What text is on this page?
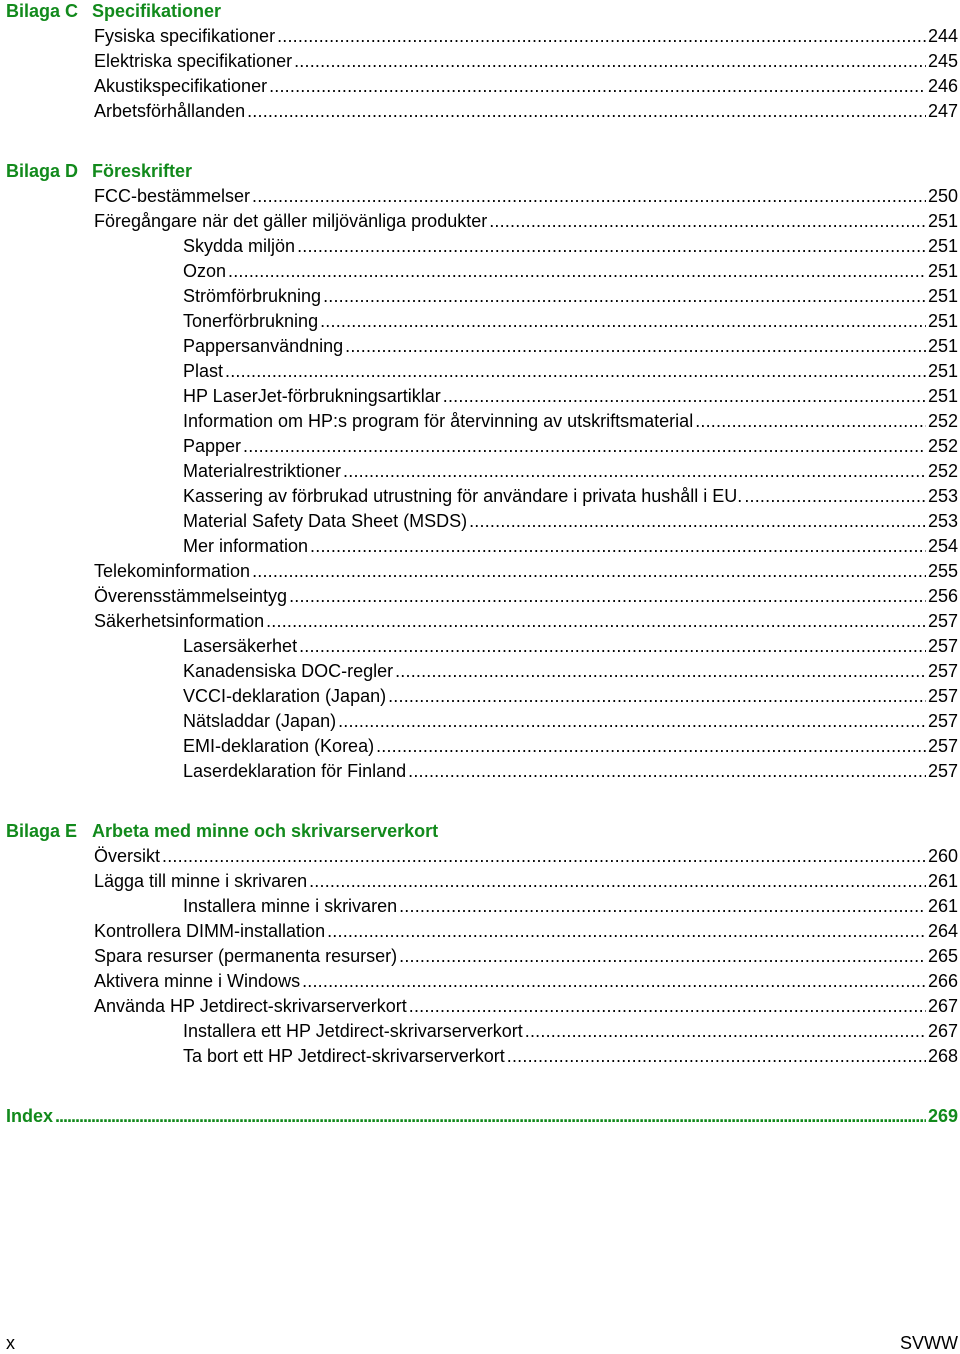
Bilaga C Specifikationer
Fysiska specifikationer . . .	244
Elektriska specifikationer . . .	245
Akustikspecifikationer . . .	246
Arbetsförhållanden . . .	247
Bilaga D Föreskrifter
FCC-bestämmelser . . .	250
Föregångare när det gäller miljövänliga produkter . . .	251
Skydda miljön . . .	251
Ozon . . .	251
Strömförbrukning . . .	251
Tonerförbrukning . . .	251
Pappersanvändning . . .	251
Plast . . .	251
HP LaserJet-förbrukningsartiklar . . .	251
Information om HP:s program för återvinning av utskriftsmaterial . . .	252
Papper . . .	252
Materialrestriktioner . . .	252
Kassering av förbrukad utrustning för användare i privata hushåll i EU. . . .	253
Material Safety Data Sheet (MSDS) . . .	253
Mer information . . .	254
Telekominformation . . .	255
Överensstämmelseintyg . . .	256
Säkerhetsinformation . . .	257
Lasersäkerhet . . .	257
Kanadensiska DOC-regler . . .	257
VCCI-deklaration (Japan) . . .	257
Nätsladdar (Japan) . . .	257
EMI-deklaration (Korea) . . .	257
Laserdeklaration för Finland . . .	257
Bilaga E Arbeta med minne och skrivarserverkort
Översikt . . .	260
Lägga till minne i skrivaren . . .	261
Installera minne i skrivaren . . .	261
Kontrollera DIMM-installation . . .	264
Spara resurser (permanenta resurser) . . .	265
Aktivera minne i Windows . . .	266
Använda HP Jetdirect-skrivarserverkort . . .	267
Installera ett HP Jetdirect-skrivarserverkort . . .	267
Ta bort ett HP Jetdirect-skrivarserverkort . . .	268
Index .....	269
x	SVWW
